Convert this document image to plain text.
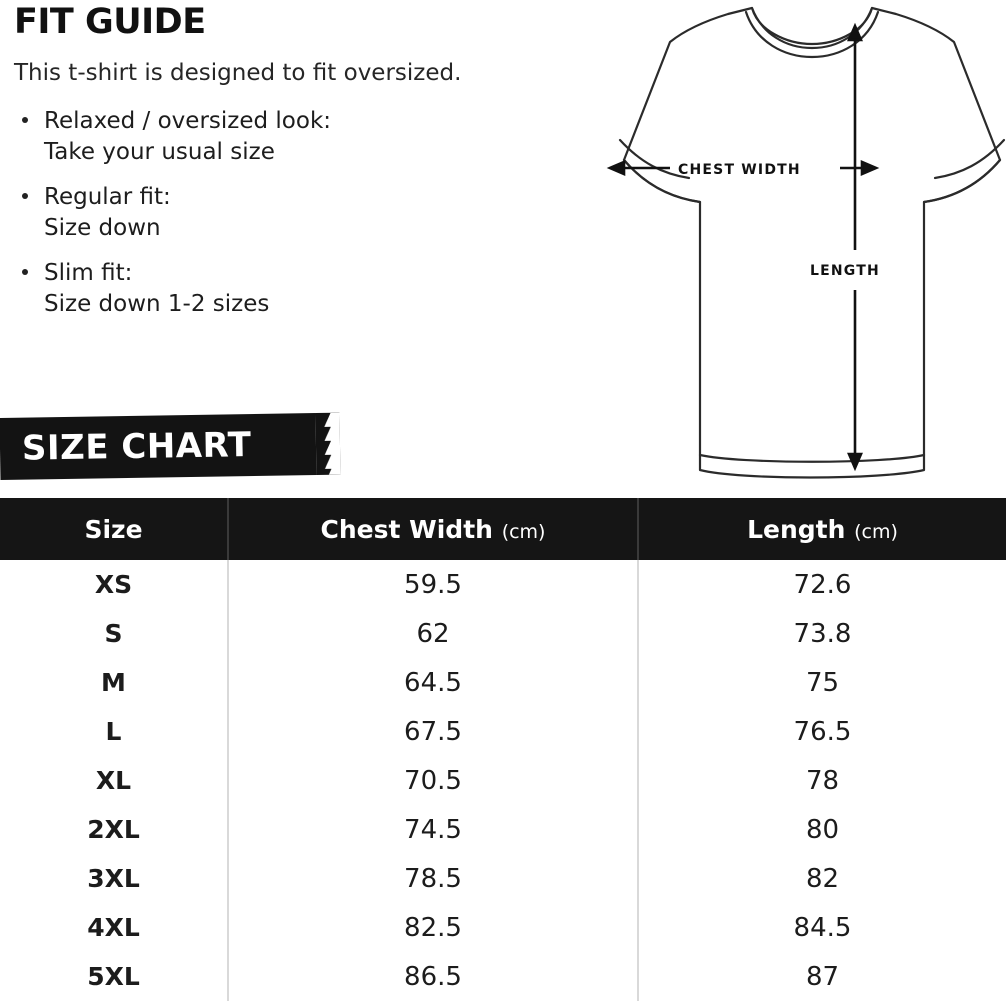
FIT GUIDE

This t-shirt is designed to fit oversized.

Relaxed / oversized look:
Take your usual size
Regular fit:
Size down
Slim fit:
Size down 1-2 sizes
SIZE CHART
CHEST WIDTH
LENGTH
Size	Chest Width (cm)	Length (cm)
XS	59.5	72.6
S	62	73.8
M	64.5	75
L	67.5	76.5
XL	70.5	78
2XL	74.5	80
3XL	78.5	82
4XL	82.5	84.5
5XL	86.5	87
